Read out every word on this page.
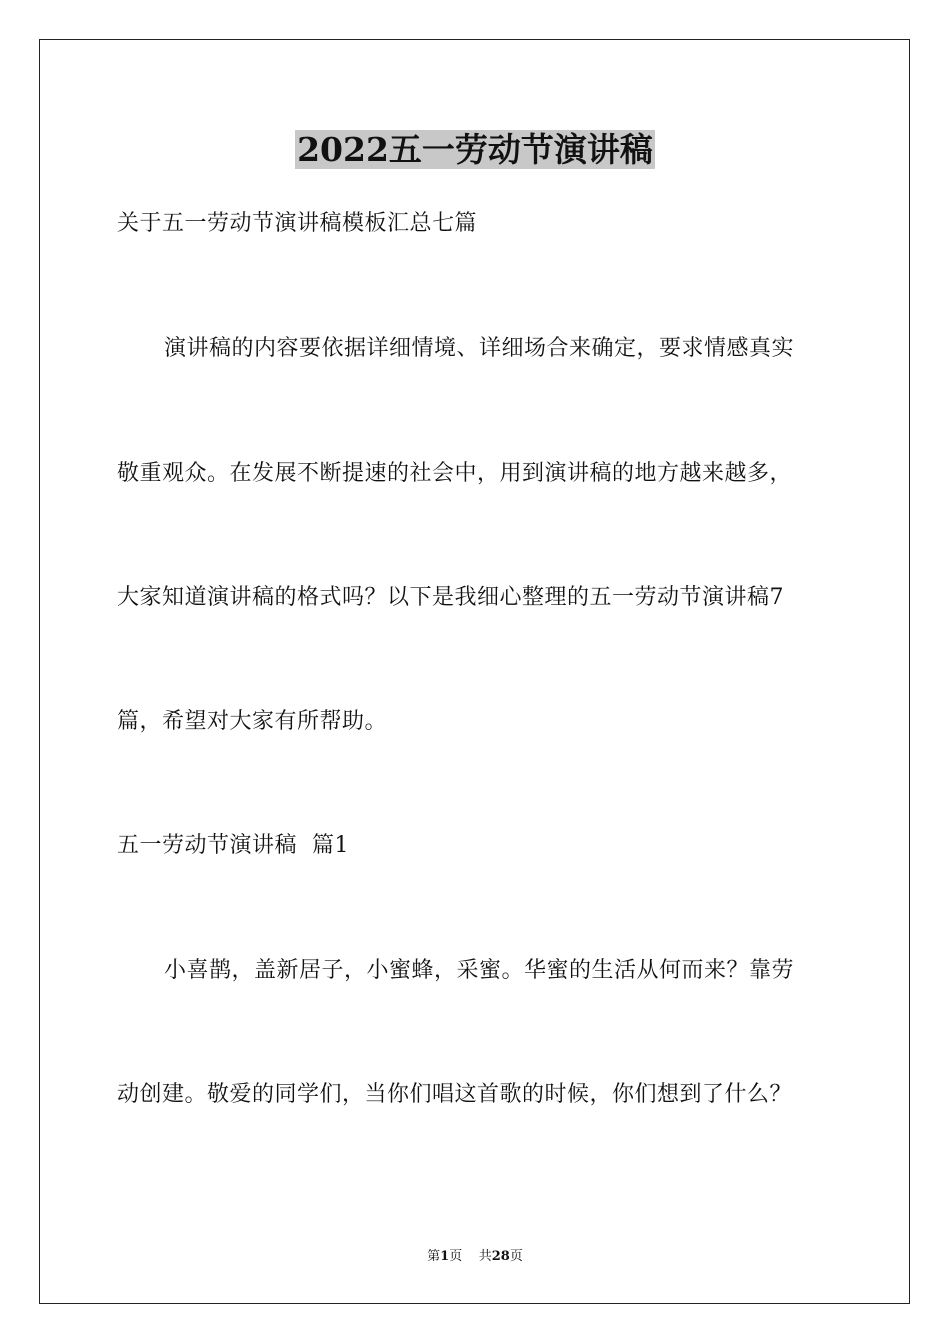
2022五一劳动节演讲稿
关于五一劳动节演讲稿模板汇总七篇
演讲稿的内容要依据详细情境、详细场合来确定，要求情感真实
敬重观众。在发展不断提速的社会中，用到演讲稿的地方越来越多，
大家知道演讲稿的格式吗？以下是我细心整理的五一劳动节演讲稿7
篇，希望对大家有所帮助。
五一劳动节演讲稿  篇1
小喜鹊，盖新居子，小蜜蜂，采蜜。华蜜的生活从何而来？靠劳
动创建。敬爱的同学们，当你们唱这首歌的时候，你们想到了什么？
第1页 共28页
